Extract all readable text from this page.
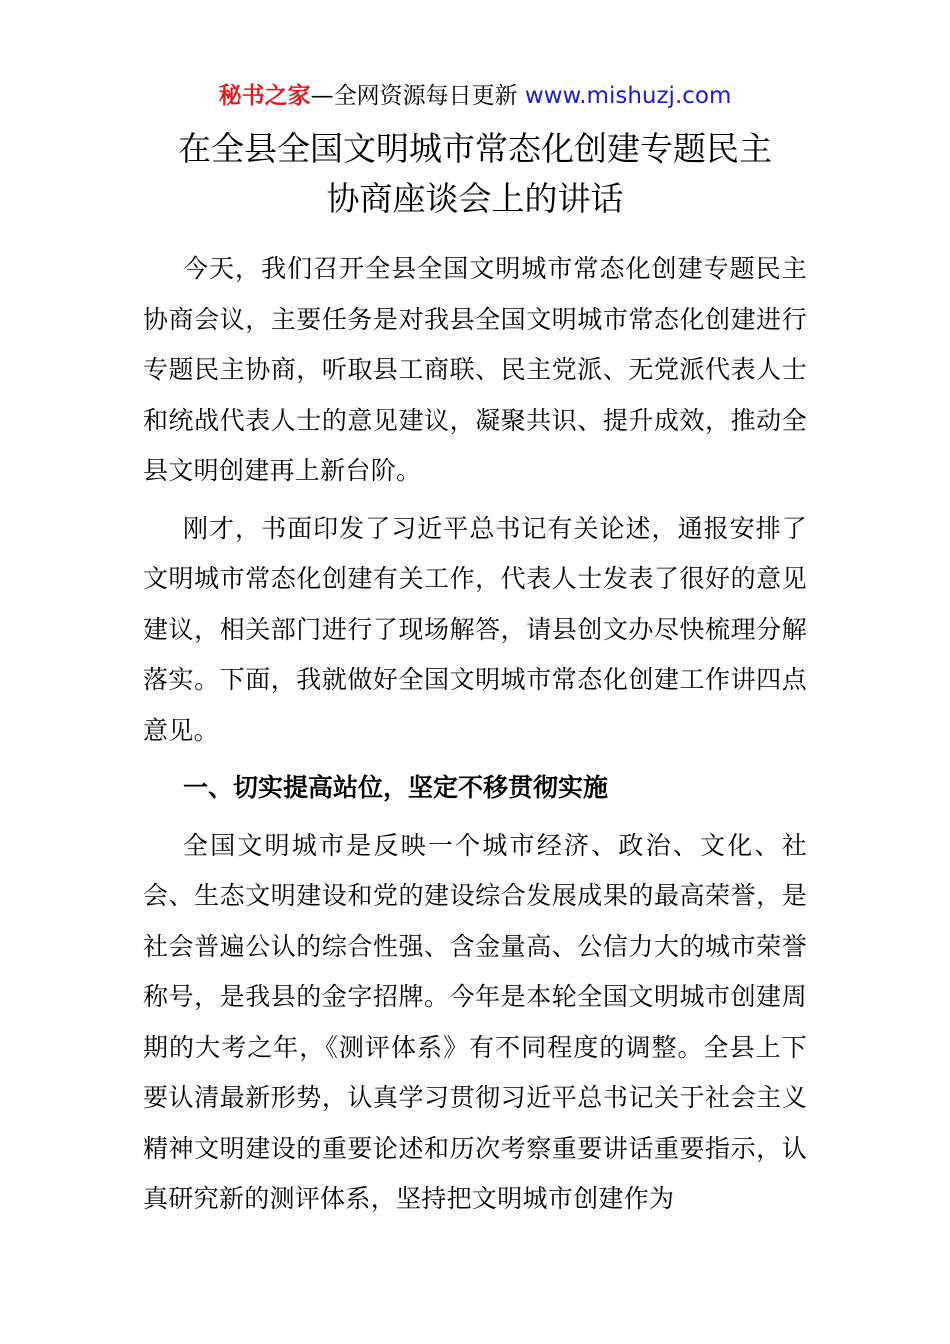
秘书之家—全网资源每日更新 www.mishuzj.com
在全县全国文明城市常态化创建专题民主
协商座谈会上的讲话

今天，我们召开全县全国文明城市常态化创建专题民主协商会议，主要任务是对我县全国文明城市常态化创建进行专题民主协商，听取县工商联、民主党派、无党派代表人士和统战代表人士的意见建议，凝聚共识、提升成效，推动全县文明创建再上新台阶。

刚才，书面印发了习近平总书记有关论述，通报安排了文明城市常态化创建有关工作，代表人士发表了很好的意见建议，相关部门进行了现场解答，请县创文办尽快梳理分解落实。下面，我就做好全国文明城市常态化创建工作讲四点意见。

一、切实提高站位，坚定不移贯彻实施

全国文明城市是反映一个城市经济、政治、文化、社会、生态文明建设和党的建设综合发展成果的最高荣誉，是社会普遍公认的综合性强、含金量高、公信力大的城市荣誉称号，是我县的金字招牌。今年是本轮全国文明城市创建周期的大考之年，《测评体系》有不同程度的调整。全县上下要认清最新形势，认真学习贯彻习近平总书记关于社会主义精神文明建设的重要论述和历次考察重要讲话重要指示，认真研究新的测评体系，坚持把文明城市创建作为
